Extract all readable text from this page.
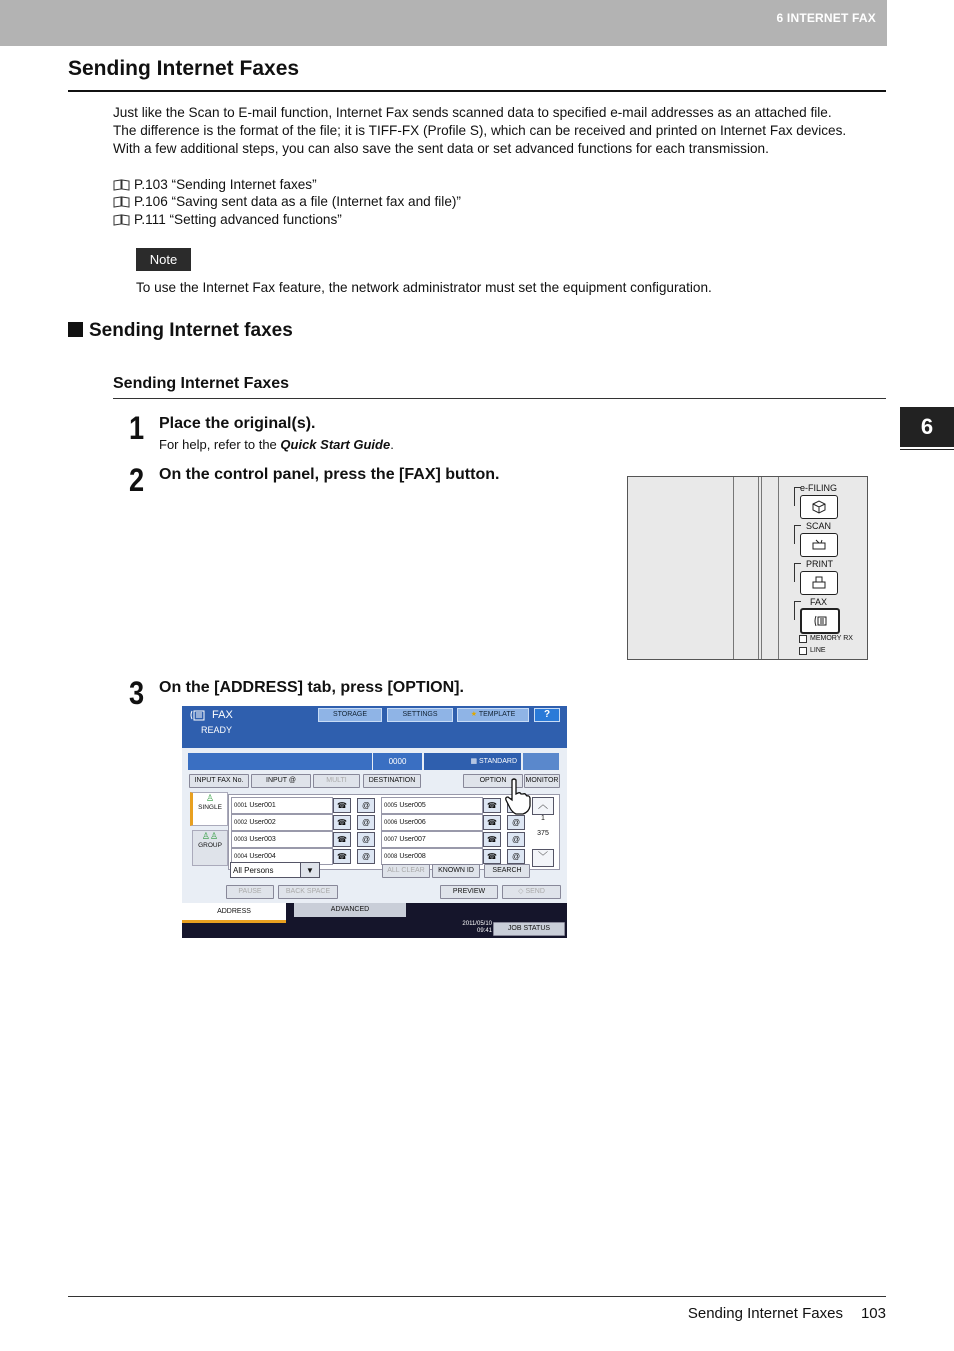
6 INTERNET FAX
Sending Internet Faxes
Just like the Scan to E-mail function, Internet Fax sends scanned data to specified e-mail addresses as an attached file.
The difference is the format of the file; it is TIFF-FX (Profile S), which can be received and printed on Internet Fax devices.
With a few additional steps, you can also save the sent data or set advanced functions for each transmission.
P.103 “Sending Internet faxes”
P.106 “Saving sent data as a file (Internet fax and file)”
P.111 “Setting advanced functions”
Note
To use the Internet Fax feature, the network administrator must set the equipment configuration.
Sending Internet faxes
Sending Internet Faxes
1 Place the original(s).
For help, refer to the Quick Start Guide.
2 On the control panel, press the [FAX] button.
e-FILING
SCAN
PRINT
FAX
MEMORY RX
LINE
3 On the [ADDRESS] tab, press [OPTION].
FAX
READY
STORAGE	SETTINGS	★ TEMPLATE	?
0000	▦ STANDARD
INPUT FAX No.	INPUT @	MULTI	DESTINATION	OPTION	MONITOR
♙
SINGLE
♙♙
GROUP
0001 User001	☎	@	0005 User005	☎
0002 User002	☎	@	0006 User006	☎	@
0003 User003	☎	@	0007 User007	☎	@
0004 User004	☎	@	0008 User008	☎	@
︿
1
375
﹀
All Persons	▼	ALL CLEAR	KNOWN ID	SEARCH
PAUSE	BACK SPACE	PREVIEW	◇ SEND
ADDRESS	ADVANCED
2011/05/10
09:41	JOB STATUS
6
Sending Internet Faxes 103
